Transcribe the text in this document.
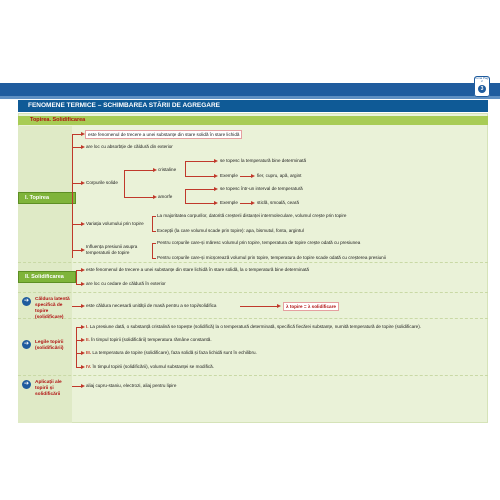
Tema Pag. 2
3
FENOMENE TERMICE – SCHIMBAREA STĂRII DE AGREGARE
Topirea. Solidificarea
I. Topirea
este fenomenul de trecere a unei substanțe din stare solidă în stare lichidă
are loc cu absorbție de căldură din exterior
Corpurile solide
cristaline
amorfe
se topesc la temperatură bine determinată
Exemple	fier, cupru, apă, argint
se topesc într-un interval de temperatură
Exemple	sticlă, smoală, ceară
Variația volumului prin topire
La majoritatea corpurilor, datorită creșterii distanței intermoleculare, volumul crește prin topire
Excepții (la care volumul scade prin topire): apa, bismutul, fonta, argintul
Influența presiunii asupra
temperaturii de topire
Pentru corpurile care-și măresc volumul prin topire, temperatura de topire crește odată cu presiunea
Pentru corpurile care-și micșorează volumul prin topire, temperatura de topire scade odată cu creșterea presiunii
II. Solidificarea
este fenomenul de trecere a unei substanțe din stare lichidă în stare solidă, la o temperatură bine determinată
are loc cu cedare de căldură în exterior
➔	Căldura latentă specifică de topire (solidificare)
este căldura necesară unității de masă pentru a se topi/solidifica	λ topire = λ solidificare
➔	Legile topirii (solidificării)
I. La presiune dată, o substanță cristalină se topește (solidifică) la o temperatură determinată, specifică fiecărei substanțe, numită temperatură de topire (solidificare).
II. În timpul topirii (solidificării) temperatura rămâne constantă.
III. La temperatura de topire (solidificare), faza solidă și faza lichidă sunt în echilibru.
IV. În timpul topirii (solidificării), volumul substanței se modifică.
➔	Aplicații ale topirii și solidificării
aliaj cupru-staniu, electrozi, aliaj pentru lipire
